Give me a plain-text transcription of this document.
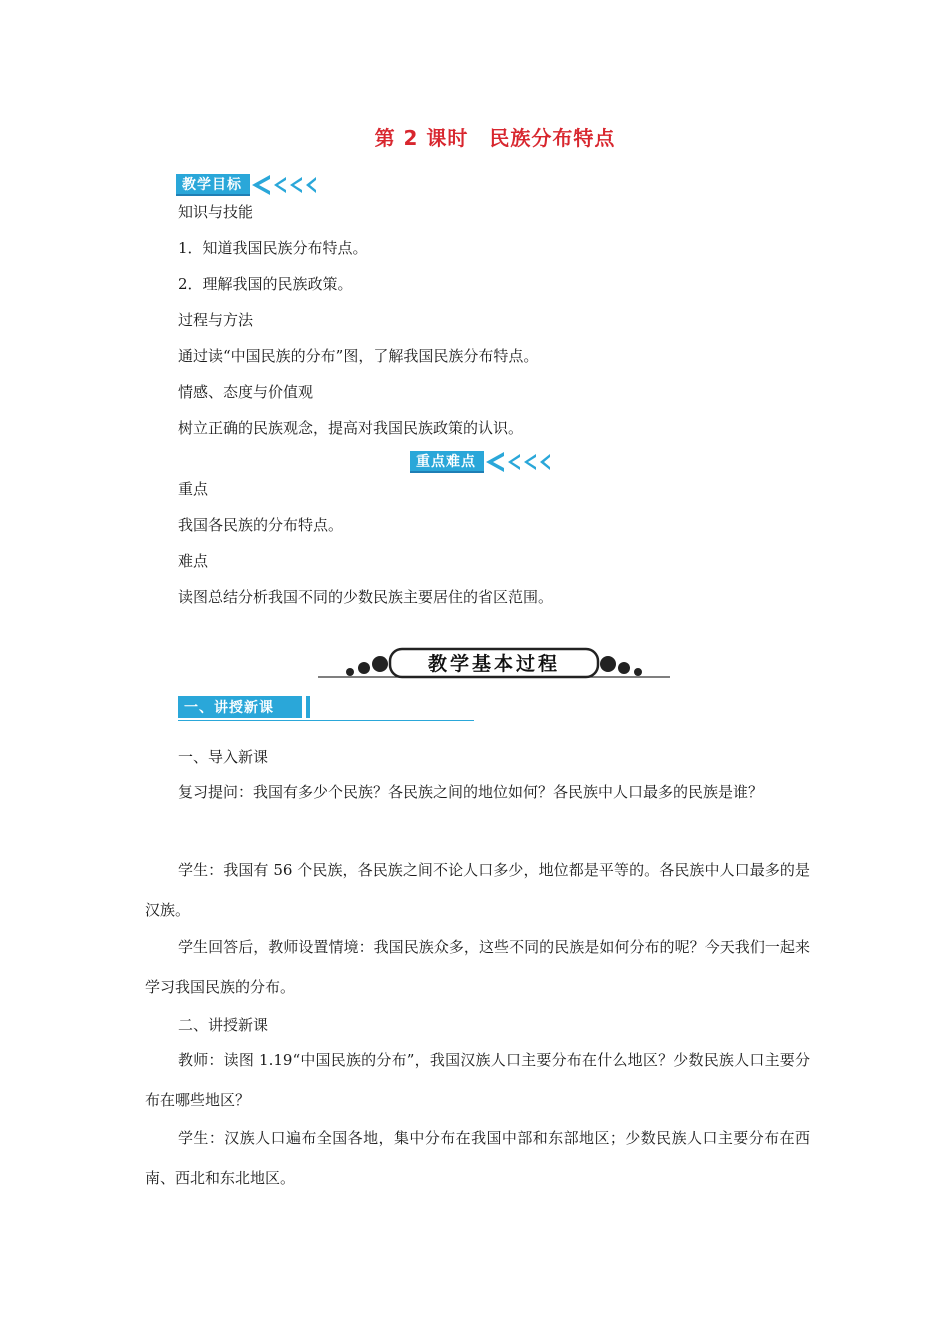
第 2 课时　民族分布特点
教学目标
知识与技能
1．知道我国民族分布特点。
2．理解我国的民族政策。
过程与方法
通过读“中国民族的分布”图，了解我国民族分布特点。
情感、态度与价值观
树立正确的民族观念，提高对我国民族政策的认识。
重点难点
重点
我国各民族的分布特点。
难点
读图总结分析我国不同的少数民族主要居住的省区范围。
教学基本过程
一、讲授新课
一、导入新课
复习提问：我国有多少个民族？各民族之间的地位如何？各民族中人口最多的民族是谁？
学生：我国有 56 个民族，各民族之间不论人口多少，地位都是平等的。各民族中人口最多的是汉族。
学生回答后，教师设置情境：我国民族众多，这些不同的民族是如何分布的呢？今天我们一起来学习我国民族的分布。
二、讲授新课
教师：读图 1.19“中国民族的分布”，我国汉族人口主要分布在什么地区？少数民族人口主要分布在哪些地区？
学生：汉族人口遍布全国各地，集中分布在我国中部和东部地区；少数民族人口主要分布在西南、西北和东北地区。
